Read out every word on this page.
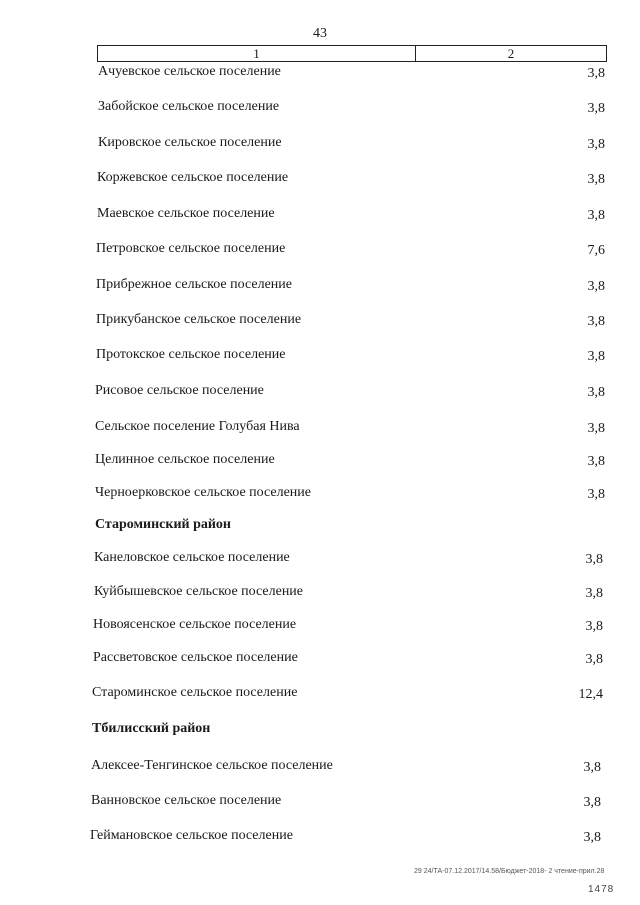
43
1	2
Ачуевское сельское поселение	3,8
Забойское сельское поселение	3,8
Кировское сельское поселение	3,8
Коржевское сельское поселение	3,8
Маевское сельское поселение	3,8
Петровское сельское поселение	7,6
Прибрежное сельское поселение	3,8
Прикубанское сельское поселение	3,8
Протокское сельское поселение	3,8
Рисовое сельское поселение	3,8
Сельское поселение Голубая Нива	3,8
Целинное сельское поселение	3,8
Черноерковское сельское поселение	3,8
Староминский район
Канеловское сельское поселение	3,8
Куйбышевское сельское поселение	3,8
Новоясенское сельское поселение	3,8
Рассветовское сельское поселение	3,8
Староминское сельское поселение	12,4
Тбилисский район
Алексее-Тенгинское сельское поселение	3,8
Ванновское сельское поселение	3,8
Геймановское сельское поселение	3,8
29 24/ТА-07.12.2017/14.58/Бюджет-2018- 2 чтение-прил.28
1478
